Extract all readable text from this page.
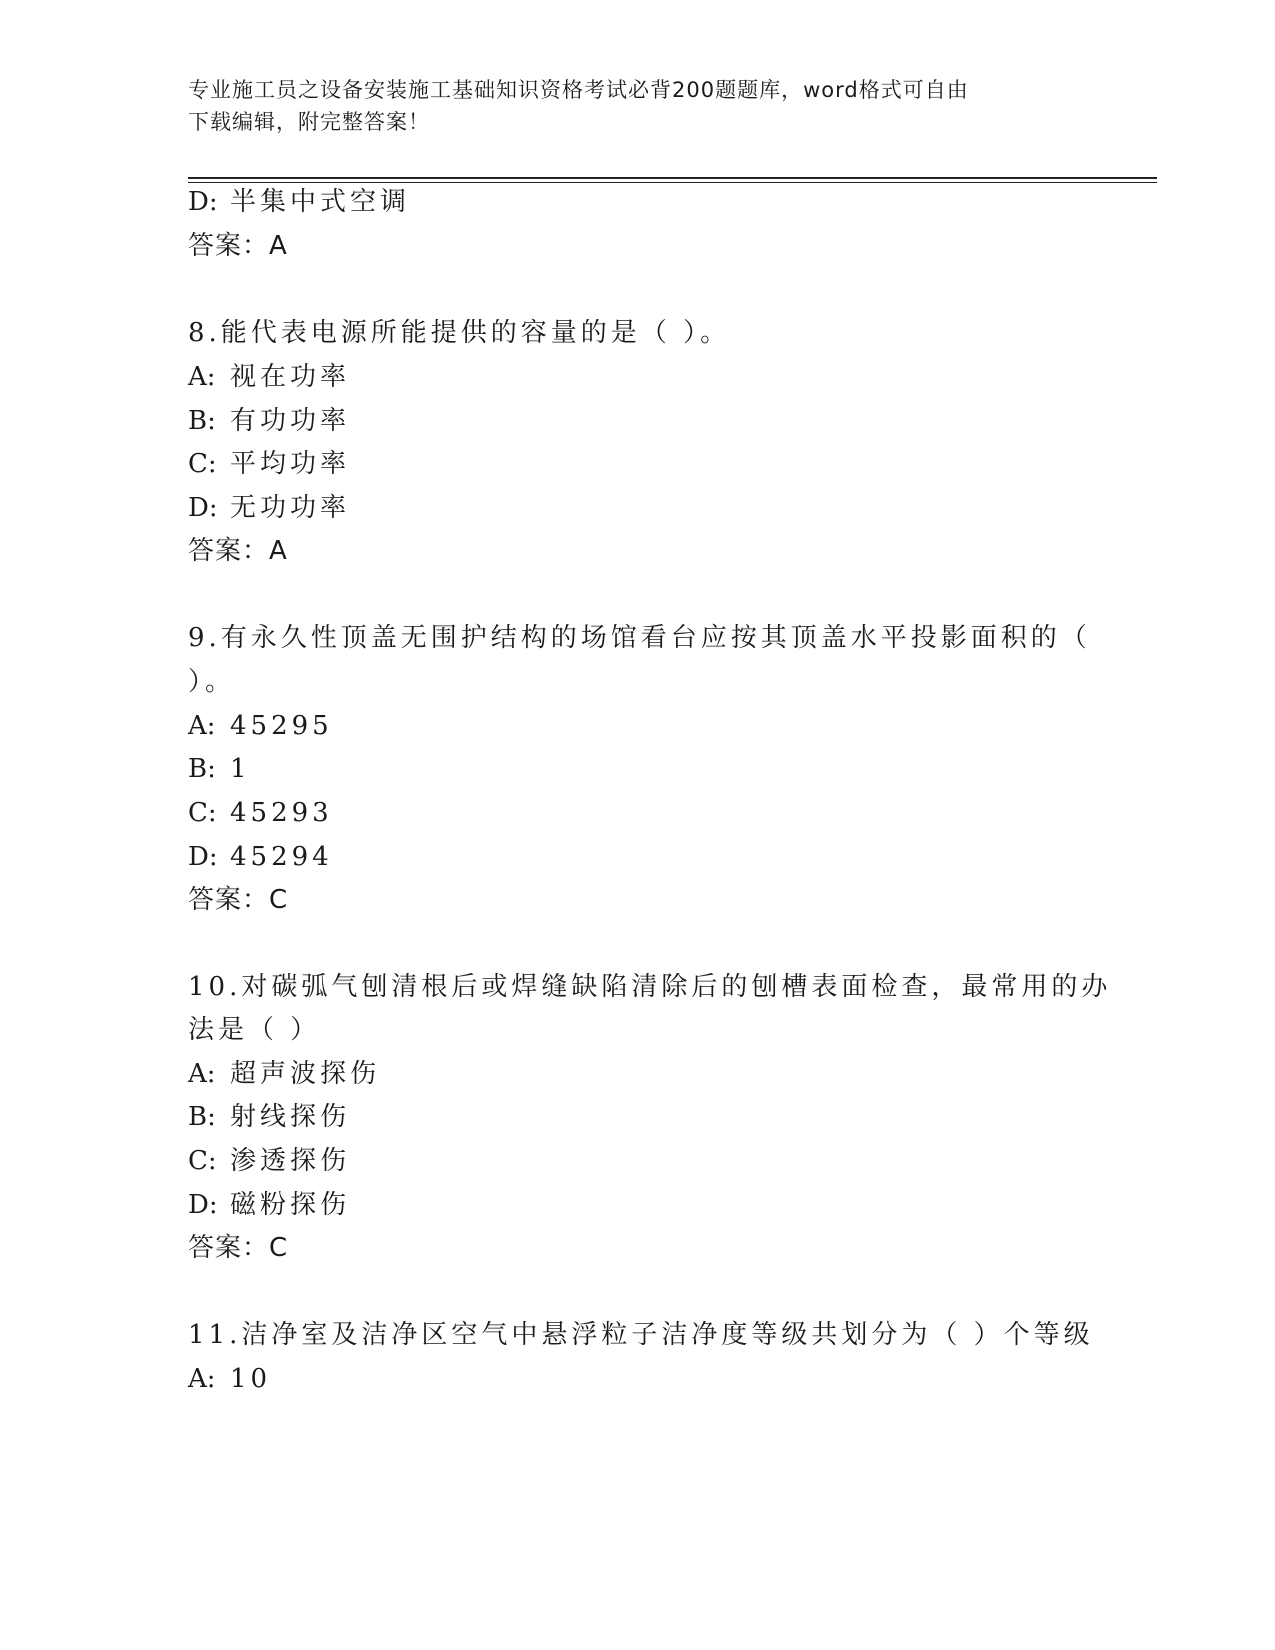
专业施工员之设备安装施工基础知识资格考试必背200题题库，word格式可自由
下载编辑，附完整答案！
D: 半集中式空调
答案：A
8.能代表电源所能提供的容量的是（ ）。
A: 视在功率
B: 有功功率
C: 平均功率
D: 无功功率
答案：A
9.有永久性顶盖无围护结构的场馆看台应按其顶盖水平投影面积的（
）。
A: 45295
B: 1
C: 45293
D: 45294
答案：C
10.对碳弧气刨清根后或焊缝缺陷清除后的刨槽表面检查，最常用的办
法是（ ）
A: 超声波探伤
B: 射线探伤
C: 渗透探伤
D: 磁粉探伤
答案：C
11.洁净室及洁净区空气中悬浮粒子洁净度等级共划分为（ ）个等级
A: 10
